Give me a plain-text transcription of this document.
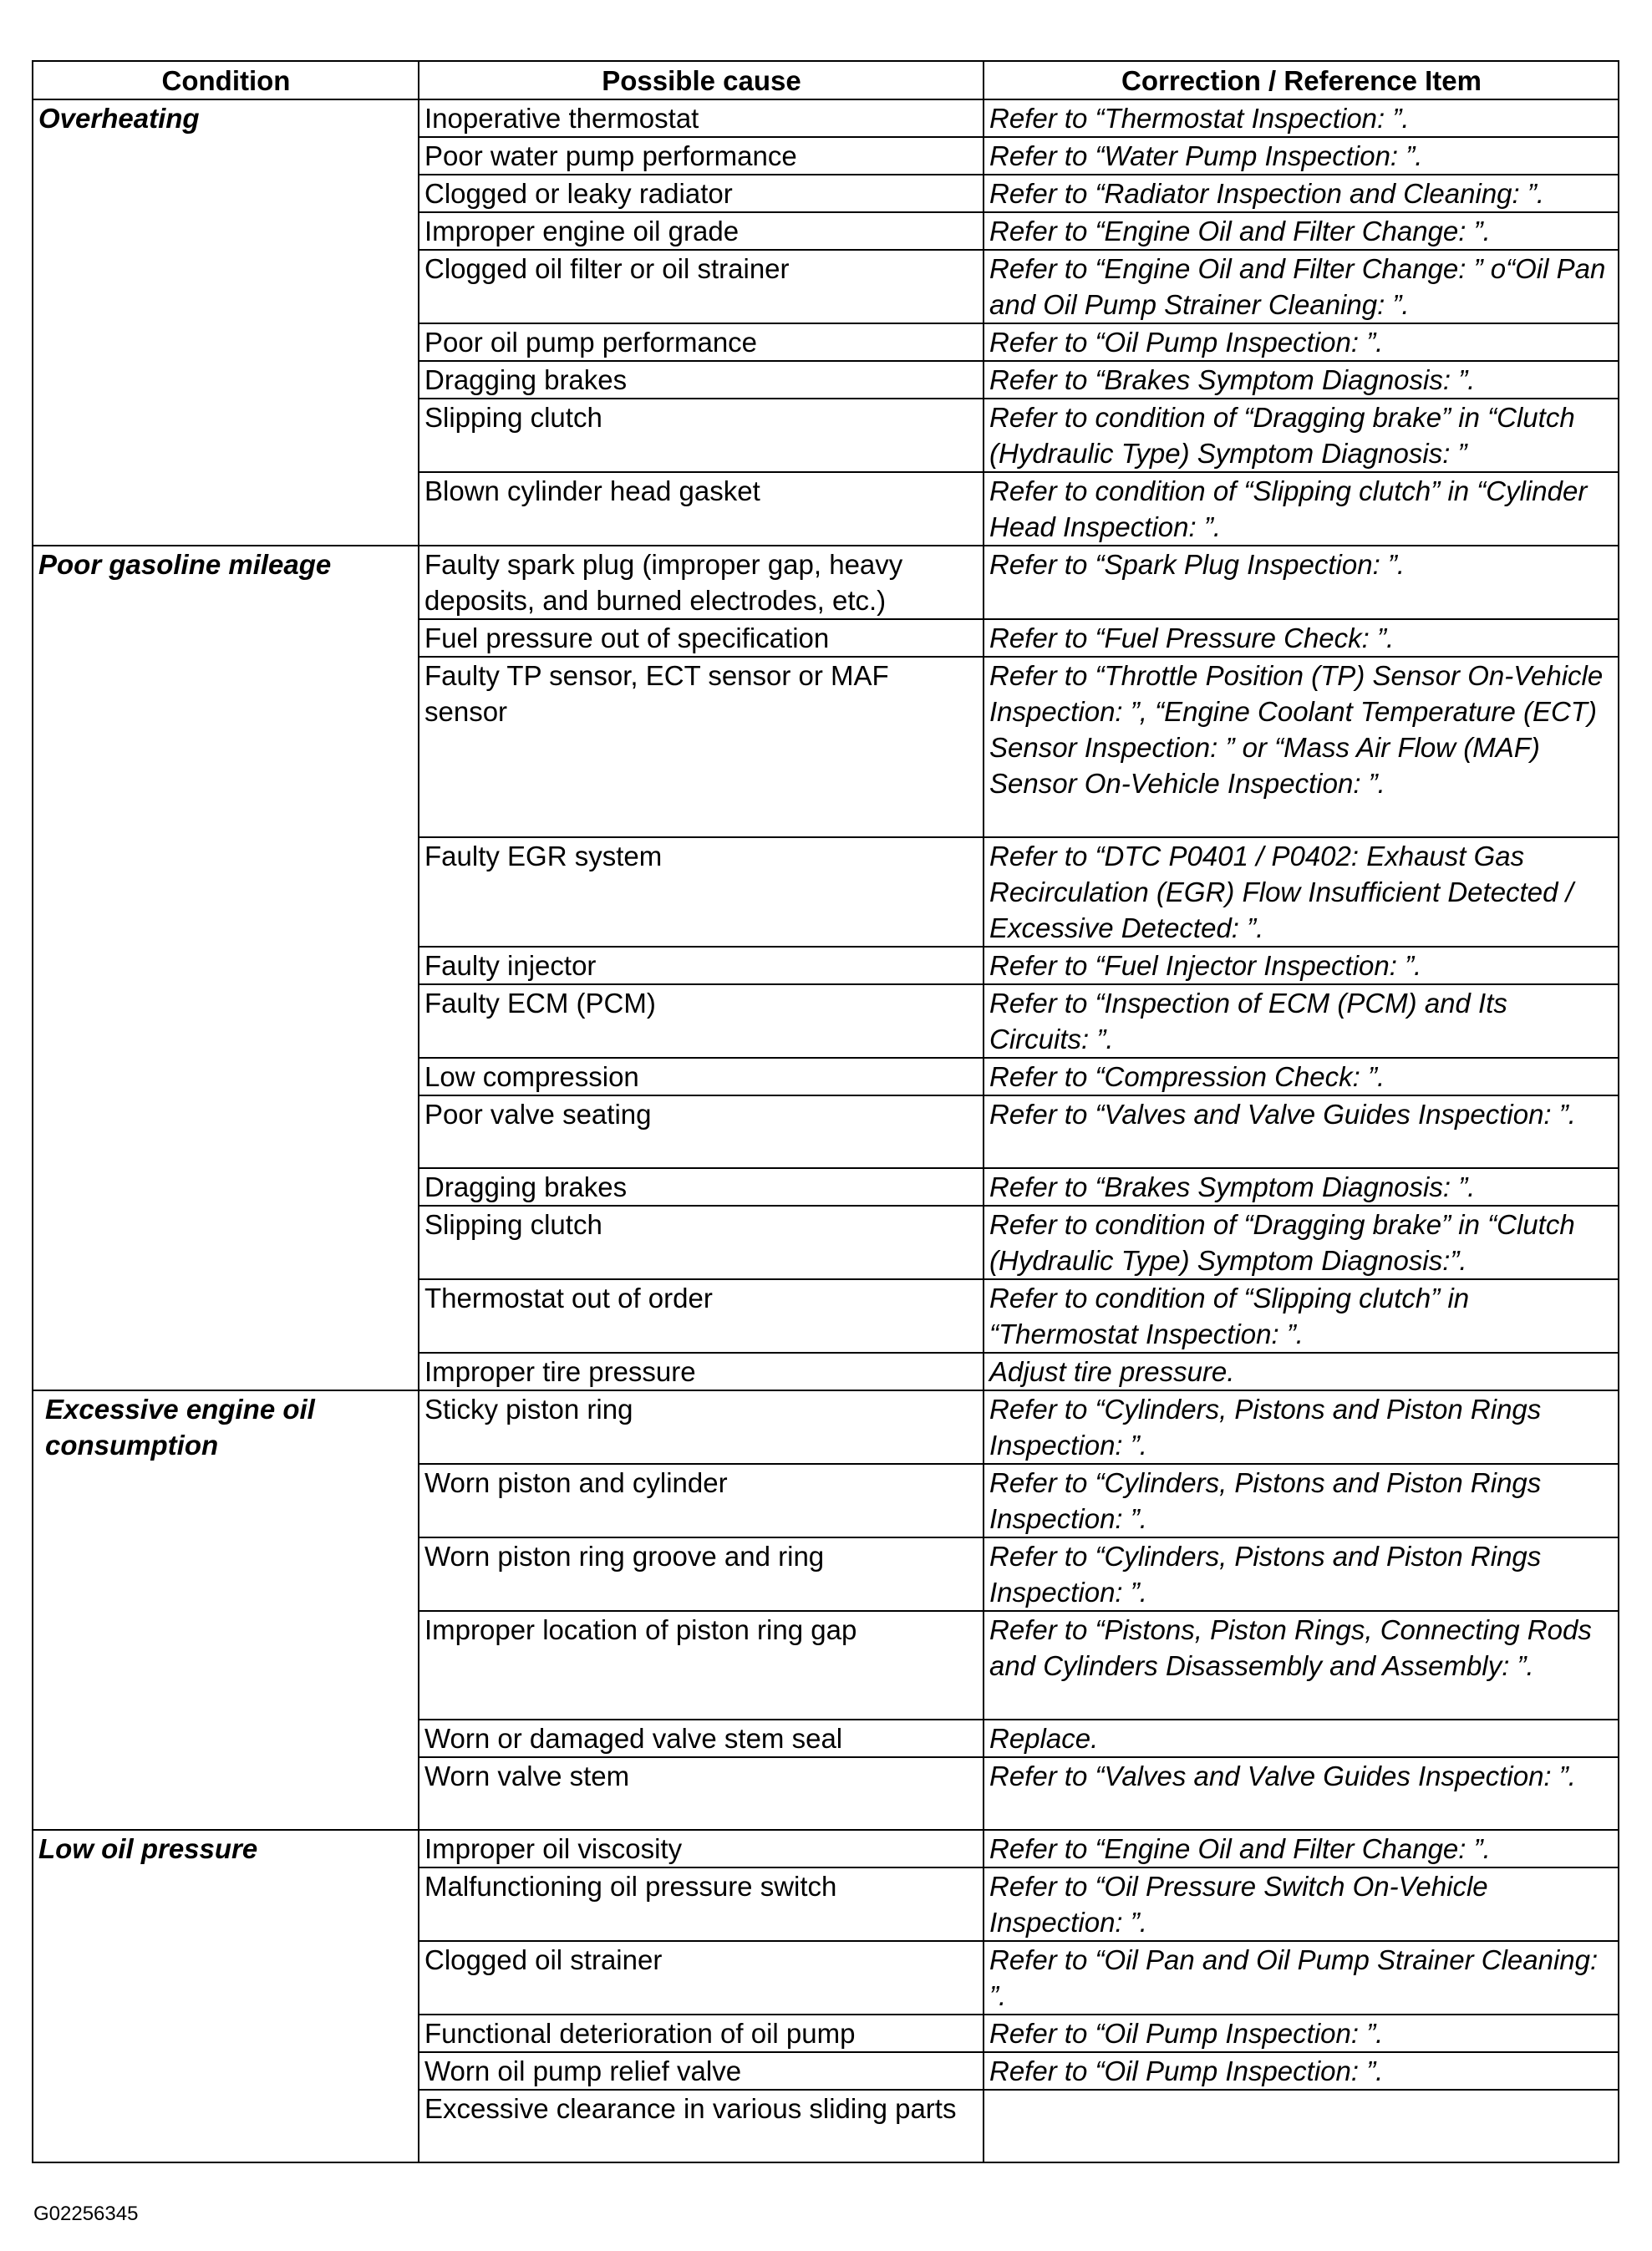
Condition	Possible cause	Correction / Reference Item
Overheating	Inoperative thermostat	Refer to “Thermostat Inspection: ”.
	Poor water pump performance	Refer to “Water Pump Inspection: ”.
	Clogged or leaky radiator	Refer to “Radiator Inspection and Cleaning: ”.
	Improper engine oil grade	Refer to “Engine Oil and Filter Change: ”.
	Clogged oil filter or oil strainer	Refer to “Engine Oil and Filter Change: ” o“Oil Pan and Oil Pump Strainer Cleaning: ”.
	Poor oil pump performance	Refer to “Oil Pump Inspection: ”.
	Dragging brakes	Refer to “Brakes Symptom Diagnosis: ”.
	Slipping clutch	Refer to condition of “Dragging brake” in “Clutch (Hydraulic Type) Symptom Diagnosis: ”
	Blown cylinder head gasket	Refer to condition of “Slipping clutch” in “Cylinder Head Inspection: ”.
Poor gasoline mileage	Faulty spark plug (improper gap, heavy deposits, and burned electrodes, etc.)	Refer to “Spark Plug Inspection: ”.
	Fuel pressure out of specification	Refer to “Fuel Pressure Check: ”.
	Faulty TP sensor, ECT sensor or MAF sensor	Refer to “Throttle Position (TP) Sensor On-Vehicle Inspection: ”, “Engine Coolant Temperature (ECT) Sensor Inspection: ” or “Mass Air Flow (MAF) Sensor On-Vehicle Inspection: ”.
	Faulty EGR system	Refer to “DTC P0401 / P0402: Exhaust Gas Recirculation (EGR) Flow Insufficient Detected / Excessive Detected: ”.
	Faulty injector	Refer to “Fuel Injector Inspection: ”.
	Faulty ECM (PCM)	Refer to “Inspection of ECM (PCM) and Its Circuits: ”.
	Low compression	Refer to “Compression Check: ”.
	Poor valve seating	Refer to “Valves and Valve Guides Inspection: ”.
	Dragging brakes	Refer to “Brakes Symptom Diagnosis: ”.
	Slipping clutch	Refer to condition of “Dragging brake” in “Clutch (Hydraulic Type) Symptom Diagnosis:”.
	Thermostat out of order	Refer to condition of “Slipping clutch” in “Thermostat Inspection: ”.
	Improper tire pressure	Adjust tire pressure.
Excessive engine oil consumption	Sticky piston ring	Refer to “Cylinders, Pistons and Piston Rings Inspection: ”.
	Worn piston and cylinder	Refer to “Cylinders, Pistons and Piston Rings Inspection: ”.
	Worn piston ring groove and ring	Refer to “Cylinders, Pistons and Piston Rings Inspection: ”.
	Improper location of piston ring gap	Refer to “Pistons, Piston Rings, Connecting Rods and Cylinders Disassembly and Assembly: ”.
	Worn or damaged valve stem seal	Replace.
	Worn valve stem	Refer to “Valves and Valve Guides Inspection: ”.
Low oil pressure	Improper oil viscosity	Refer to “Engine Oil and Filter Change: ”.
	Malfunctioning oil pressure switch	Refer to “Oil Pressure Switch On-Vehicle Inspection: ”.
	Clogged oil strainer	Refer to “Oil Pan and Oil Pump Strainer Cleaning: ”.
	Functional deterioration of oil pump	Refer to “Oil Pump Inspection: ”.
	Worn oil pump relief valve	Refer to “Oil Pump Inspection: ”.
	Excessive clearance in various sliding parts	
G02256345
